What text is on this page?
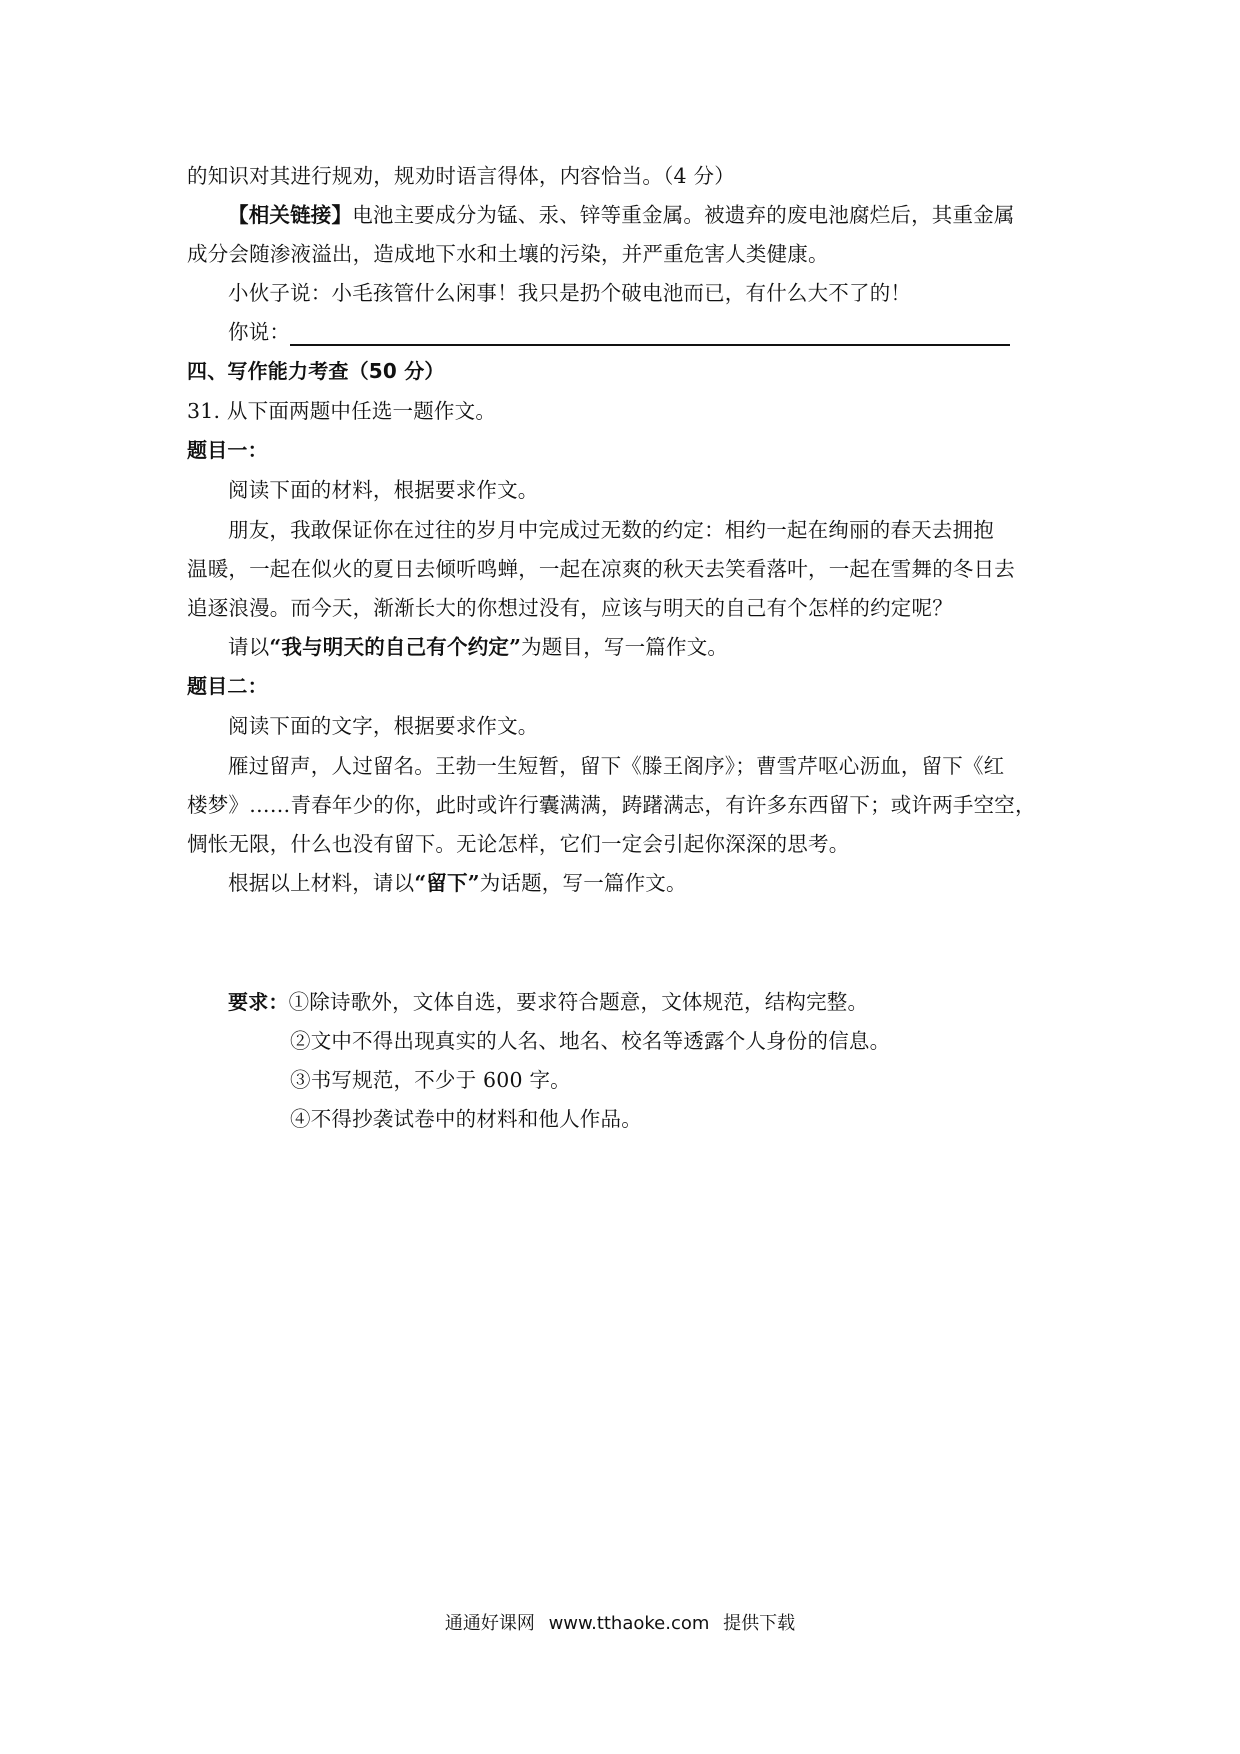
的知识对其进行规劝，规劝时语言得体，内容恰当。（4 分）
【相关链接】电池主要成分为锰、汞、锌等重金属。被遗弃的废电池腐烂后，其重金属
成分会随渗液溢出，造成地下水和土壤的污染，并严重危害人类健康。
小伙子说：小毛孩管什么闲事！我只是扔个破电池而已，有什么大不了的！
你说：
四、写作能力考查（50 分）
31. 从下面两题中任选一题作文。
题目一：
阅读下面的材料，根据要求作文。
朋友，我敢保证你在过往的岁月中完成过无数的约定：相约一起在绚丽的春天去拥抱
温暖，一起在似火的夏日去倾听鸣蝉，一起在凉爽的秋天去笑看落叶，一起在雪舞的冬日去
追逐浪漫。而今天，渐渐长大的你想过没有，应该与明天的自己有个怎样的约定呢？
请以“我与明天的自己有个约定”为题目，写一篇作文。
题目二：
阅读下面的文字，根据要求作文。
雁过留声，人过留名。王勃一生短暂，留下《滕王阁序》；曹雪芹呕心沥血，留下《红
楼梦》……青春年少的你，此时或许行囊满满，踌躇满志，有许多东西留下；或许两手空空，
惆怅无限，什么也没有留下。无论怎样，它们一定会引起你深深的思考。
根据以上材料，请以“留下”为话题，写一篇作文。
要求：①除诗歌外，文体自选，要求符合题意，文体规范，结构完整。
②文中不得出现真实的人名、地名、校名等透露个人身份的信息。
③书写规范，不少于 600 字。
④不得抄袭试卷中的材料和他人作品。
通通好课网 www.tthaoke.com 提供下载
